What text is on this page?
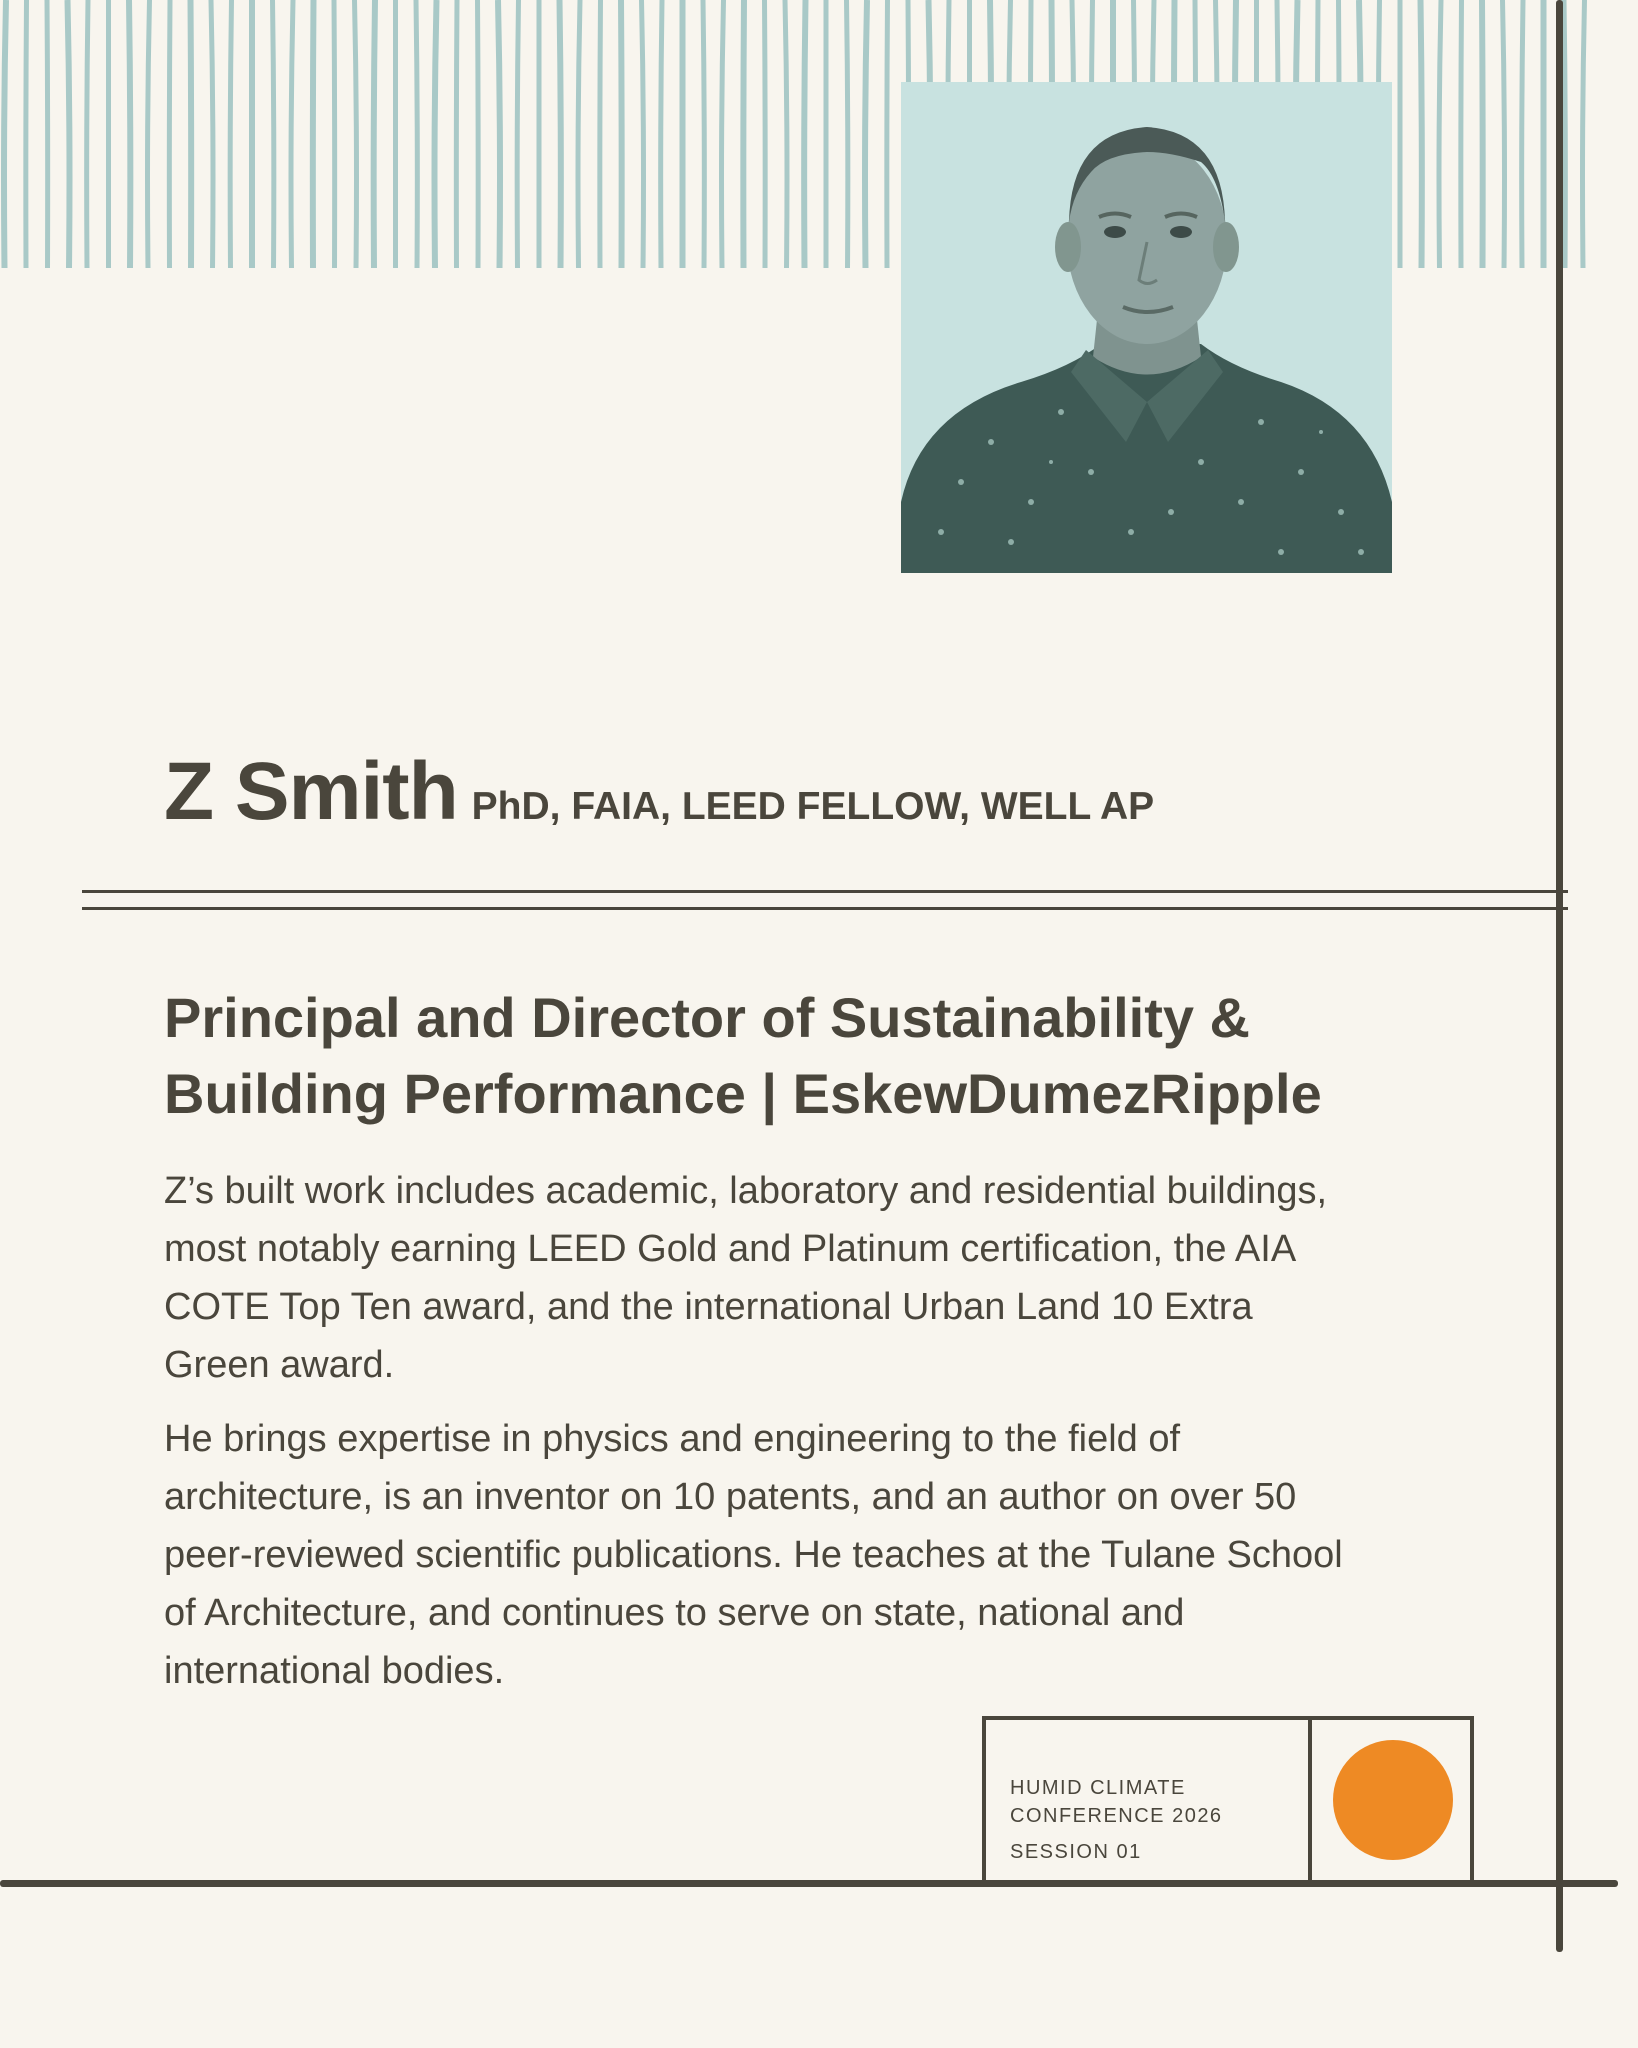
Z Smith PhD, FAIA, LEED FELLOW, WELL AP
Principal and Director of Sustainability &
Building Performance | EskewDumezRipple

Z’s built work includes academic, laboratory and residential buildings, most notably earning LEED Gold and Platinum certification, the AIA COTE Top Ten award, and the international Urban Land 10 Extra Green award.

He brings expertise in physics and engineering to the field of architecture, is an inventor on 10 patents, and an author on over 50 peer-reviewed scientific publications. He teaches at the Tulane School of Architecture, and continues to serve on state, national and international bodies.

HUMID CLIMATE
CONFERENCE 2026
SESSION 01
